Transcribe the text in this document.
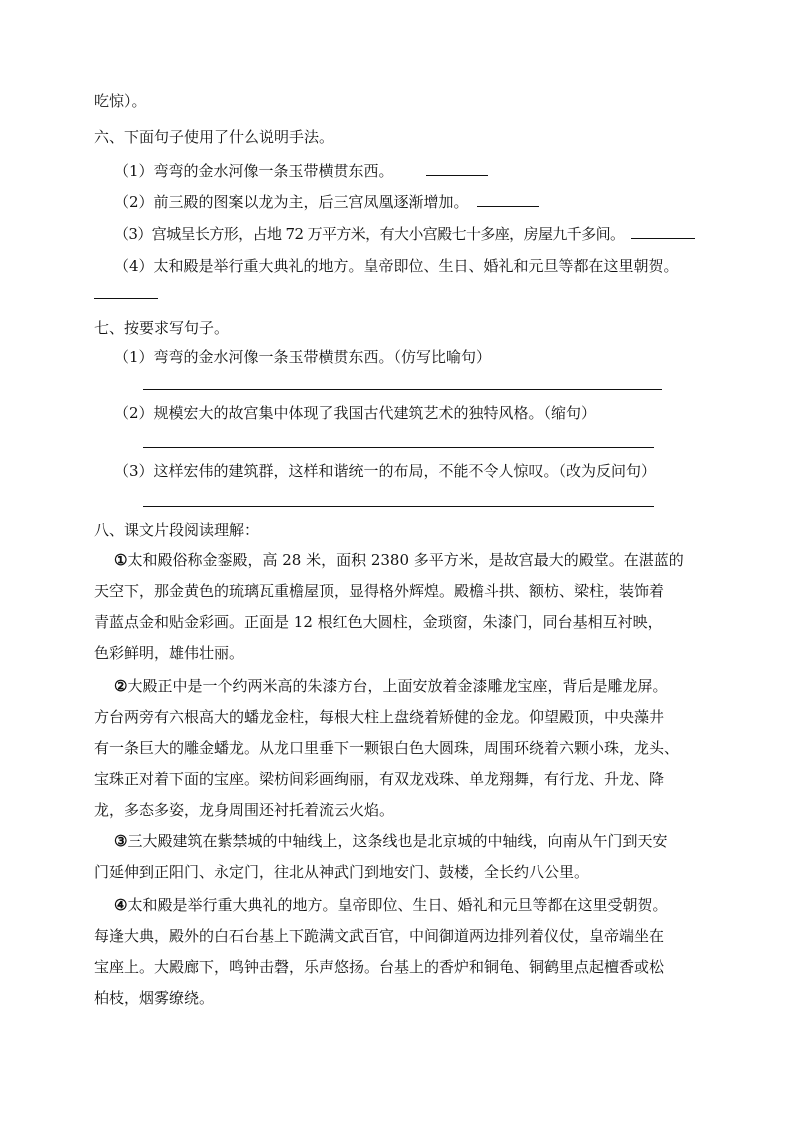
吃惊）。
六、下面句子使用了什么说明手法。
（1）弯弯的金水河像一条玉带横贯东西。
（2）前三殿的图案以龙为主，后三宫凤凰逐渐增加。
（3）宫城呈长方形，占地 72 万平方米，有大小宫殿七十多座，房屋九千多间。
（4）太和殿是举行重大典礼的地方。皇帝即位、生日、婚礼和元旦等都在这里朝贺。
七、按要求写句子。
（1）弯弯的金水河像一条玉带横贯东西。（仿写比喻句）
（2）规模宏大的故宫集中体现了我国古代建筑艺术的独特风格。（缩句）
（3）这样宏伟的建筑群，这样和谐统一的布局，不能不令人惊叹。（改为反问句）
八、课文片段阅读理解：
①太和殿俗称金銮殿，高 28 米，面积 2380 多平方米，是故宫最大的殿堂。在湛蓝的
天空下，那金黄色的琉璃瓦重檐屋顶，显得格外辉煌。殿檐斗拱、额枋、梁柱，装饰着
青蓝点金和贴金彩画。正面是 12 根红色大圆柱，金琐窗，朱漆门，同台基相互衬映，
色彩鲜明，雄伟壮丽。
②大殿正中是一个约两米高的朱漆方台，上面安放着金漆雕龙宝座，背后是雕龙屏。
方台两旁有六根高大的蟠龙金柱，每根大柱上盘绕着矫健的金龙。仰望殿顶，中央藻井
有一条巨大的雕金蟠龙。从龙口里垂下一颗银白色大圆珠，周围环绕着六颗小珠，龙头、
宝珠正对着下面的宝座。梁枋间彩画绚丽，有双龙戏珠、单龙翔舞，有行龙、升龙、降
龙，多态多姿，龙身周围还衬托着流云火焰。
③三大殿建筑在紫禁城的中轴线上，这条线也是北京城的中轴线，向南从午门到天安
门延伸到正阳门、永定门，往北从神武门到地安门、鼓楼，全长约八公里。
④太和殿是举行重大典礼的地方。皇帝即位、生日、婚礼和元旦等都在这里受朝贺。
每逢大典，殿外的白石台基上下跪满文武百官，中间御道两边排列着仪仗，皇帝端坐在
宝座上。大殿廊下，鸣钟击磬，乐声悠扬。台基上的香炉和铜龟、铜鹤里点起檀香或松
柏枝，烟雾缭绕。
